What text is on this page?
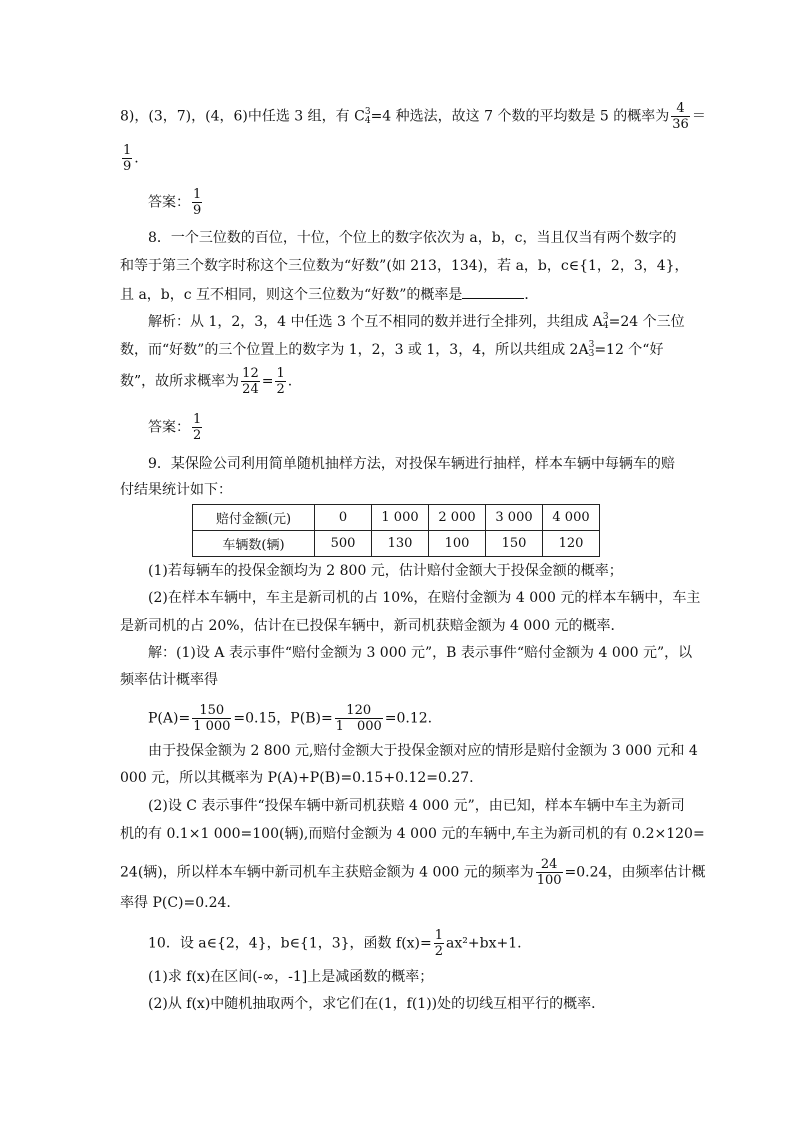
8)，(3，7)，(4，6)中任选 3 组，有 C 3
4 =4 种选法，故这 7 个数的平均数是 5 的概率为 $\frac{4}{36}$ ＝
$\frac{1}{9}$ .
答案： $\frac{1}{9}$
8．一个三位数的百位，十位，个位上的数字依次为 a，b，c，当且仅当有两个数字的
和等于第三个数字时称这个三位数为“好数”(如 213，134)，若 a，b，c∈{1，2，3，4}，
且 a，b，c 互不相同，则这个三位数为“好数”的概率是	．
解析：从 1，2，3，4 中任选 3 个互不相同的数并进行全排列，共组成 A 3
4 =24 个三位
数，而“好数”的三个位置上的数字为 1，2，3 或 1，3，4，所以共组成 2A 3
3 =12 个“好
数”，故所求概率为 $\frac{12}{24} = \frac{1}{2}$ .
答案： $\frac{1}{2}$
9．某保险公司利用简单随机抽样方法，对投保车辆进行抽样，样本车辆中每辆车的赔
付结果统计如下：
赔付金额(元)	0	1 000	2 000	3 000	4 000
车辆数(辆)	500	130	100	150	120
(1)若每辆车的投保金额均为 2 800 元，估计赔付金额大于投保金额的概率；
(2)在样本车辆中，车主是新司机的占 10%，在赔付金额为 4 000 元的样本车辆中，车主
是新司机的占 20%，估计在已投保车辆中，新司机获赔金额为 4 000 元的概率．
解：(1)设 A 表示事件“赔付金额为 3 000 元”，B 表示事件“赔付金额为 4 000 元”，以
频率估计概率得
$P(A)= \frac{150}{1 000} =0.15$，$P(B)= \frac{120}{1 000} =0.12$.
由于投保金额为 2 800 元,赔付金额大于投保金额对应的情形是赔付金额为 3 000 元和 4
000 元，所以其概率为 P(A)+P(B)=0.15+0.12=0.27.
(2)设 C 表示事件“投保车辆中新司机获赔 4 000 元”，由已知，样本车辆中车主为新司
机的有 0.1×1 000=100(辆),而赔付金额为 4 000 元的车辆中,车主为新司机的有 0.2×120=
24(辆)，所以样本车辆中新司机车主获赔金额为 4 000 元的频率为 $\frac{24}{100} =0.24$，由频率估计概
率得 P(C)=0.24.
10．设 a∈{2，4}，b∈{1，3}，函数 $f(x)= \frac{1}{2} ax^2+bx+1$.
(1)求 f(x)在区间(-∞，-1]上是减函数的概率；
(2)从 f(x)中随机抽取两个，求它们在(1，f(1))处的切线互相平行的概率．
